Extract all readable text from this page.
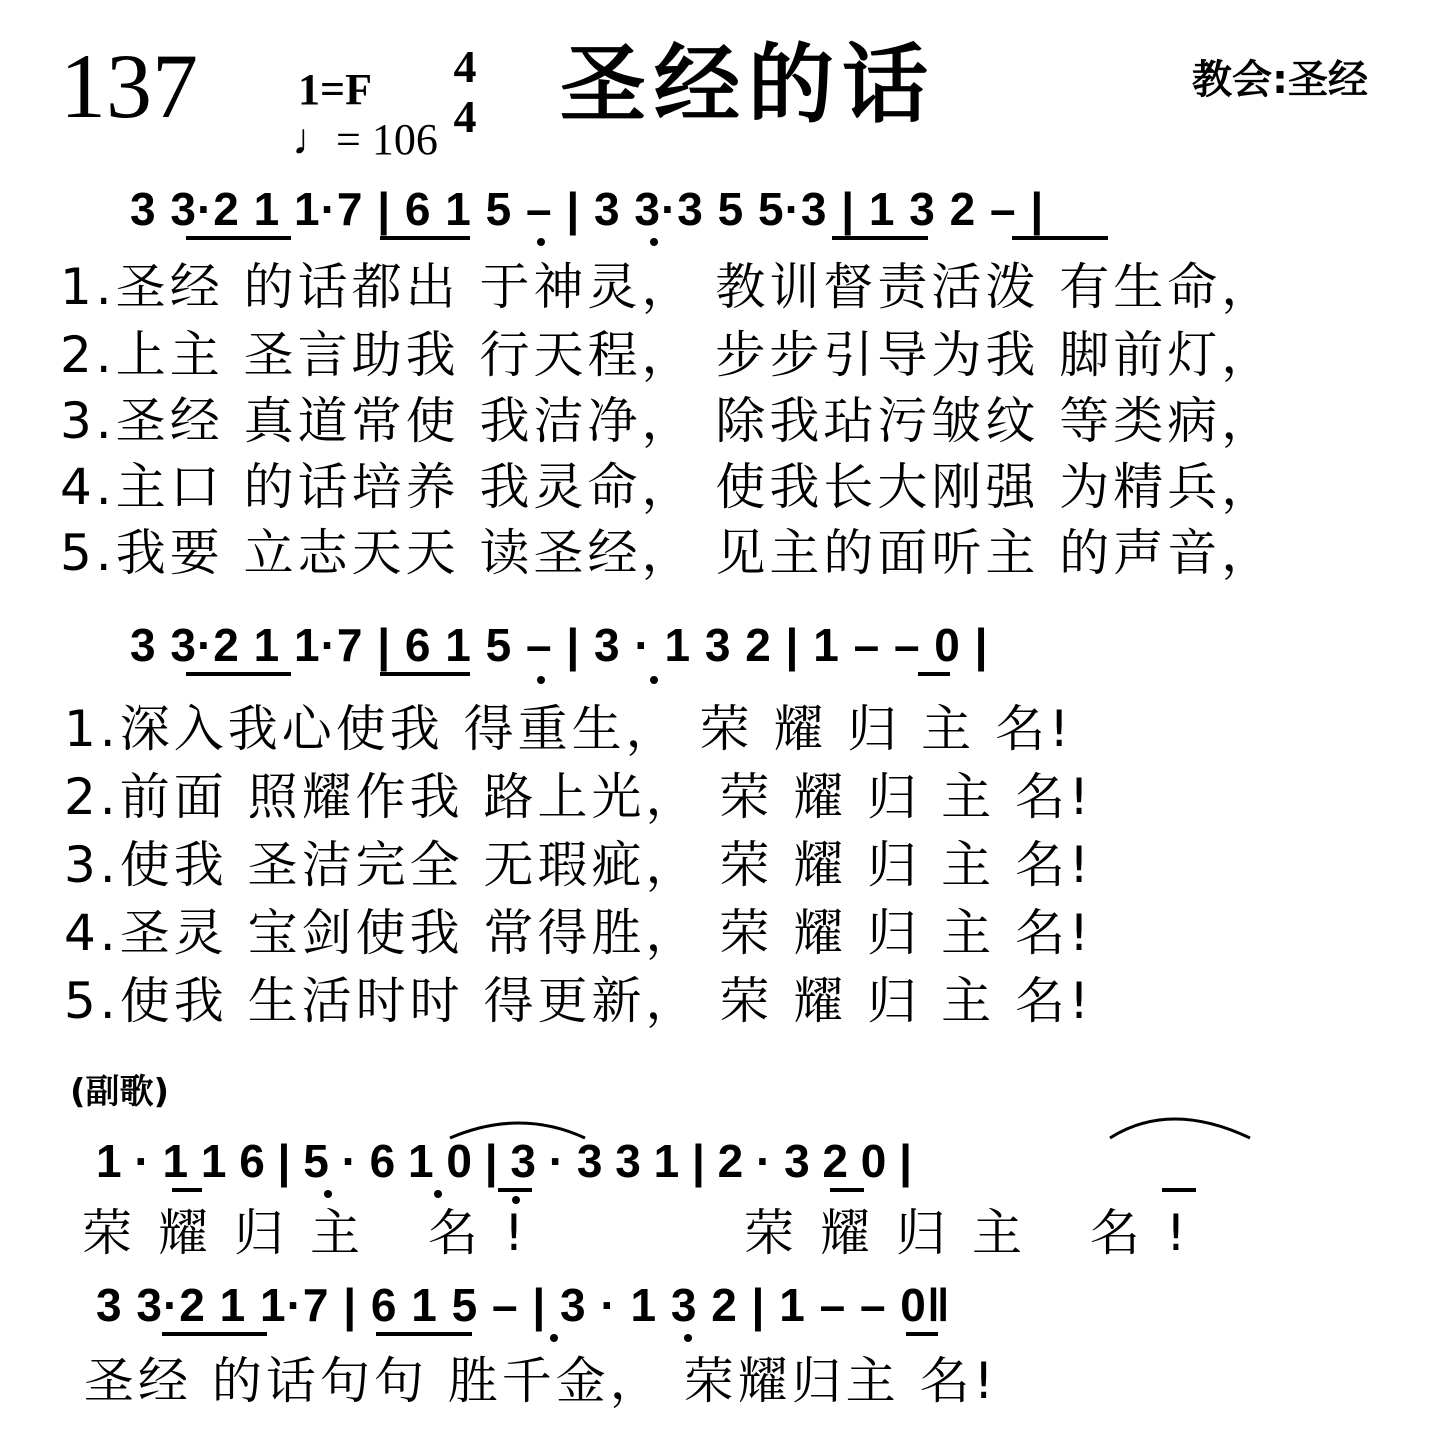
137 1=F
♩= 106
4
4 圣经的话	教会:圣经
3 3·2 1 1·7 | 6 1 5 – | 3 3·3 5 5·3 | 1 3 2 – |
1.圣经 的话都出 于神灵， 教训督责活泼 有生命，
2.上主 圣言助我 行天程， 步步引导为我 脚前灯，
3.圣经 真道常使 我洁净， 除我玷污皱纹 等类病，
4.主口 的话培养 我灵命， 使我长大刚强 为精兵，
5.我要 立志天天 读圣经， 见主的面听主 的声音，
3 3·2 1 1·7 | 6 1 5 – | 3 · 1 3 2 | 1 – – 0 |
1.深入我心使我 得重生， 荣 耀 归 主 名!
2.前面 照耀作我 路上光， 荣 耀 归 主 名!
3.使我 圣洁完全 无瑕疵， 荣 耀 归 主 名!
4.圣灵 宝剑使我 常得胜， 荣 耀 归 主 名!
5.使我 生活时时 得更新， 荣 耀 归 主 名!
(副歌)
1 · 1 1 6 | 5 · 6 1 0 | 3 · 3 3 1 | 2 · 3 2 0 |
荣耀归主 名!	荣耀归主 名!
3 3·2 1 1·7 | 6 1 5 – | 3 · 1 3 2 | 1 – – 0‖
圣经 的话句句 胜千金， 荣耀归主 名!
